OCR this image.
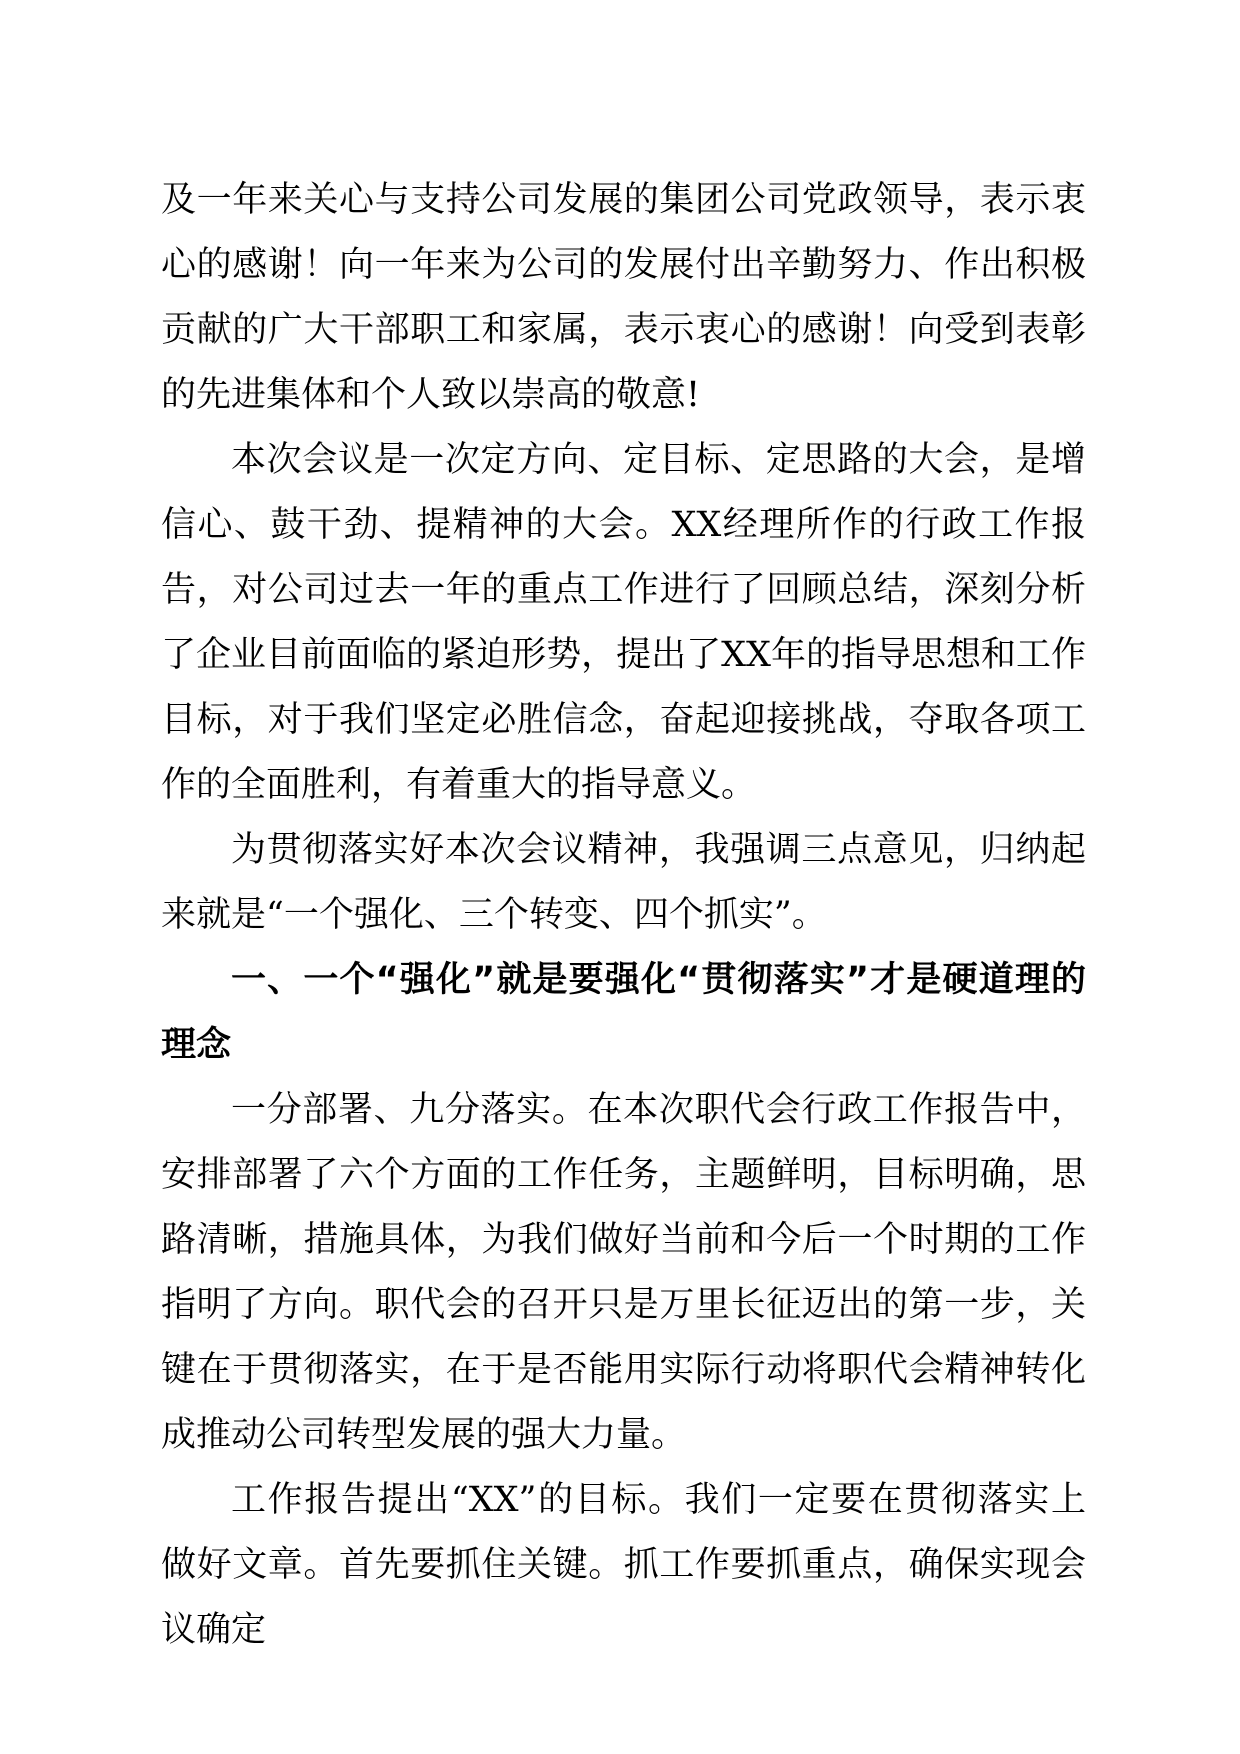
及一年来关心与支持公司发展的集团公司党政领导，表示衷心的感谢！向一年来为公司的发展付出辛勤努力、作出积极贡献的广大干部职工和家属，表示衷心的感谢！向受到表彰的先进集体和个人致以崇高的敬意!

本次会议是一次定方向、定目标、定思路的大会，是增信心、鼓干劲、提精神的大会。XX经理所作的行政工作报告，对公司过去一年的重点工作进行了回顾总结，深刻分析了企业目前面临的紧迫形势，提出了XX年的指导思想和工作目标，对于我们坚定必胜信念，奋起迎接挑战，夺取各项工作的全面胜利，有着重大的指导意义。

为贯彻落实好本次会议精神，我强调三点意见，归纳起来就是“一个强化、三个转变、四个抓实”。

一、一个“强化”就是要强化“贯彻落实”才是硬道理的理念

一分部署、九分落实。在本次职代会行政工作报告中，安排部署了六个方面的工作任务，主题鲜明，目标明确，思路清晰，措施具体，为我们做好当前和今后一个时期的工作指明了方向。职代会的召开只是万里长征迈出的第一步，关键在于贯彻落实，在于是否能用实际行动将职代会精神转化成推动公司转型发展的强大力量。

工作报告提出“XX”的目标。我们一定要在贯彻落实上做好文章。首先要抓住关键。抓工作要抓重点，确保实现会议确定
